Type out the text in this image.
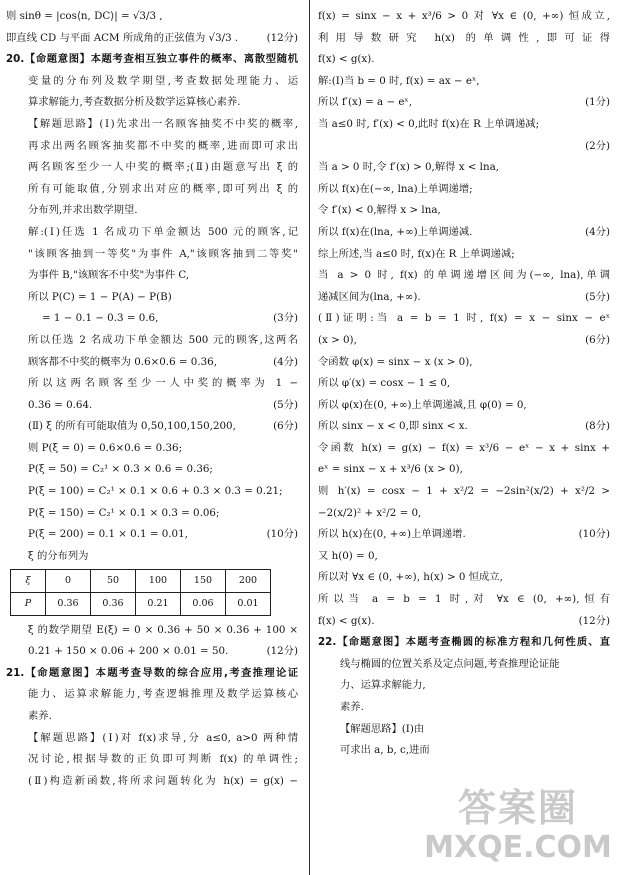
则 sinθ = |cos⟨n, DC⟩| = √3/3 ,
(12分)
即直线 CD 与平面 ACM 所成角的正弦值为 √3/3 .
20.【命题意图】本题考查相互独立事件的概率、离散型随机
变量的分布列及数学期望,考查数据处理能力、运
算求解能力,考查数据分析及数学运算核心素养.
【解题思路】(Ⅰ)先求出一名顾客抽奖不中奖的概率,
再求出两名顾客抽奖都不中奖的概率,进而即可求出
两名顾客至少一人中奖的概率;(Ⅱ)由题意写出 ξ 的
所有可能取值,分别求出对应的概率,即可列出 ξ 的
分布列,并求出数学期望.
解:(Ⅰ)任选 1 名成功下单金额达 500 元的顾客,记
"该顾客抽到一等奖"为事件 A,"该顾客抽到二等奖"
为事件 B,"该顾客不中奖"为事件 C,
所以 P(C) = 1 − P(A) − P(B)
(3分)
= 1 − 0.1 − 0.3 = 0.6,
所以任选 2 名成功下单金额达 500 元的顾客,这两名
(4分)
顾客都不中奖的概率为 0.6×0.6 = 0.36,
所以这两名顾客至少一人中奖的概率为 1 −
(5分)
0.36 = 0.64.
(6分)
(Ⅱ) ξ 的所有可能取值为 0,50,100,150,200,
则 P(ξ = 0) = 0.6×0.6 = 0.36;
P(ξ = 50) = C₂¹ × 0.3 × 0.6 = 0.36;
P(ξ = 100) = C₂¹ × 0.1 × 0.6 + 0.3 × 0.3 = 0.21;
P(ξ = 150) = C₂¹ × 0.1 × 0.3 = 0.06;
(10分)
P(ξ = 200) = 0.1 × 0.1 = 0.01,
ξ 的分布列为
ξ	0	50	100	150	200
P	0.36	0.36	0.21	0.06	0.01
ξ 的数学期望 E(ξ) = 0 × 0.36 + 50 × 0.36 + 100 ×
(12分)
0.21 + 150 × 0.06 + 200 × 0.01 = 50.
21.【命题意图】本题考查导数的综合应用,考查推理论证
能力、运算求解能力,考查逻辑推理及数学运算核心
素养.
【解题思路】(Ⅰ)对 f(x)求导,分 a≤0, a>0 两种情
况讨论,根据导数的正负即可判断 f(x) 的单调性;
(Ⅱ)构造新函数,将所求问题转化为 h(x) = g(x) −
f(x) = sinx − x + x³/6 > 0 对 ∀x ∈ (0, +∞) 恒成立,
利用导数研究 h(x) 的单调性,即可证得
f(x) < g(x).
解:(Ⅰ)当 b = 0 时, f(x) = ax − eˣ,
(1分)
所以 f′(x) = a − eˣ,
当 a≤0 时, f′(x) < 0,此时 f(x)在 R 上单调递减;
(2分)
当 a > 0 时,令 f′(x) > 0,解得 x < lna,
所以 f(x)在(−∞, lna)上单调递增;
令 f′(x) < 0,解得 x > lna,
(4分)
所以 f(x)在(lna, +∞)上单调递减.
综上所述,当 a≤0 时, f(x)在 R 上单调递减;
当 a > 0 时, f(x) 的单调递增区间为(−∞, lna),单调
(5分)
递减区间为(lna, +∞).
(Ⅱ)证明:当 a = b = 1 时, f(x) = x − sinx − eˣ
(6分)
(x > 0),
令函数 φ(x) = sinx − x (x > 0),
所以 φ′(x) = cosx − 1 ≤ 0,
所以 φ(x)在(0, +∞)上单调递减,且 φ(0) = 0,
(8分)
所以 sinx − x < 0,即 sinx < x.
令函数 h(x) = g(x) − f(x) = x³/6 − eˣ − x + sinx +
eˣ = sinx − x + x³/6 (x > 0),
则 h′(x) = cosx − 1 + x²/2 = −2sin²(x/2) + x²/2 >
−2(x/2)² + x²/2 = 0,
(10分)
所以 h(x)在(0, +∞)上单调递增.
又 h(0) = 0,
所以对 ∀x ∈ (0, +∞), h(x) > 0 恒成立,
所以当 a = b = 1 时,对 ∀x ∈ (0, +∞),恒有
(12分)
f(x) < g(x).
22.【命题意图】本题考查椭圆的标准方程和几何性质、直
线与椭圆的位置关系及定点问题,考查推理论证能
力、运算求解能力,
素养.
【解题思路】(Ⅰ)由
可求出 a, b, c,进而
答案圈
MXQE.COM
